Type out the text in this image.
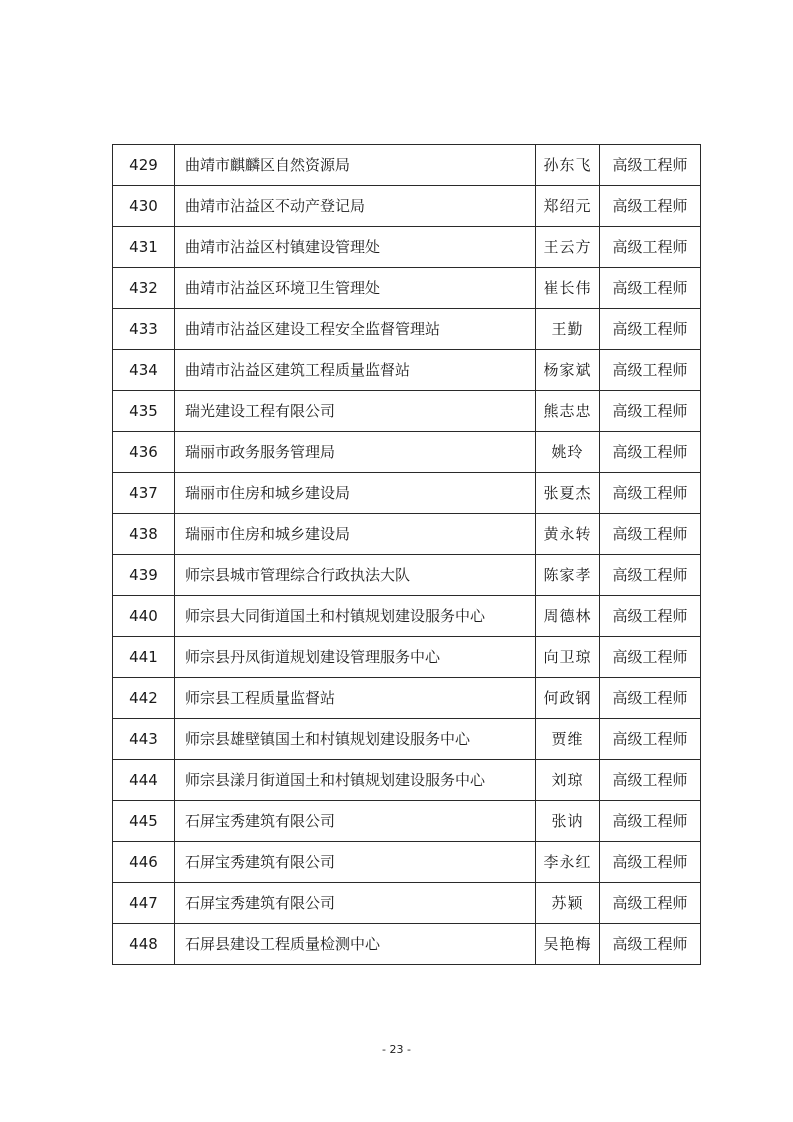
429	曲靖市麒麟区自然资源局	孙东飞	高级工程师
430	曲靖市沾益区不动产登记局	郑绍元	高级工程师
431	曲靖市沾益区村镇建设管理处	王云方	高级工程师
432	曲靖市沾益区环境卫生管理处	崔长伟	高级工程师
433	曲靖市沾益区建设工程安全监督管理站	王勤	高级工程师
434	曲靖市沾益区建筑工程质量监督站	杨家斌	高级工程师
435	瑞光建设工程有限公司	熊志忠	高级工程师
436	瑞丽市政务服务管理局	姚玲	高级工程师
437	瑞丽市住房和城乡建设局	张夏杰	高级工程师
438	瑞丽市住房和城乡建设局	黄永转	高级工程师
439	师宗县城市管理综合行政执法大队	陈家孝	高级工程师
440	师宗县大同街道国土和村镇规划建设服务中心	周德林	高级工程师
441	师宗县丹凤街道规划建设管理服务中心	向卫琼	高级工程师
442	师宗县工程质量监督站	何政钢	高级工程师
443	师宗县雄壁镇国土和村镇规划建设服务中心	贾维	高级工程师
444	师宗县漾月街道国土和村镇规划建设服务中心	刘琼	高级工程师
445	石屏宝秀建筑有限公司	张讷	高级工程师
446	石屏宝秀建筑有限公司	李永红	高级工程师
447	石屏宝秀建筑有限公司	苏颖	高级工程师
448	石屏县建设工程质量检测中心	吴艳梅	高级工程师
- 23 -
